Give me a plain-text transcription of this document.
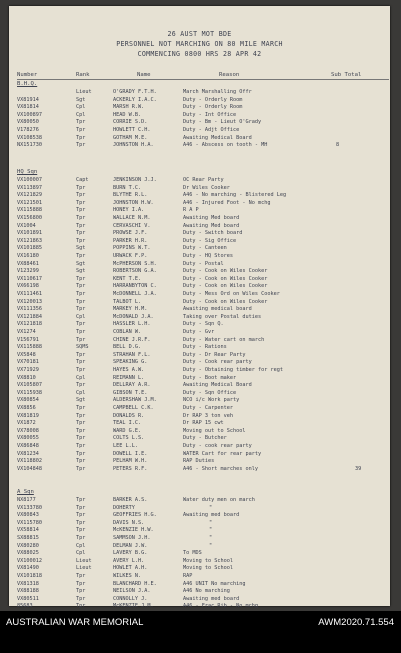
26 AUST MOT BDE
PERSONNEL NOT MARCHING ON 80 MILE MARCH
COMMENCING 0800 HRS 28 APR 42
Number	Rank	Name	Reason	Sub Total
B.H.Q.
Lieut	O'GRADY F.T.H.	March Marshalling Offr
VX81914	Sgt	ACKERLY I.A.C.	Duty - Orderly Room
VX81814	Cpl	MARSH R.W.	Duty - Orderly Room
VX100897	Cpl	HEAD W.B.	Duty - Int Office
VX80050	Tpr	CORRIE S.D.	Duty - Bm - Lieut O'Grady
V178276	Tpr	HOWLETT C.H.	Duty - Adjt Office
VX108538	Tpr	GOTHAM M.E.	Awaiting Medical Board
NX151730	Tpr	JOHNSTON H.A.	A46 - Abscess on tooth - MH	8
HQ Sqn
VX100007	Capt	JENKINSON J.J.	OC Rear Party
VX113897	Tpr	BURN T.C.	Dr Wiles Cooker
VX121829	Tpr	BLYTHE R.L.	A46 - No marching - Blistered Leg
VX121501	Tpr	JOHNSTON H.W.	A46 - Injured Foot - No mchg
VX115888	Tpr	HONEY I.A.	R A P
VX156800	Tpr	WALLACE N.M.	Awaiting Med board
VX1004	Tpr	CERVASCHI V.	Awaiting Med board
VX101891	Tpr	PROWSE J.F.	Duty - Switch board
VX121863	Tpr	PARKER H.R.	Duty - Sig Office
VX101885	Sgt	POPPINS W.T.	Duty - Canteen
VX16180	Tpr	URWACK F.P.	Duty - HQ Stores
VX88461	Sgt	McPHERSON S.H.	Duty - Postal
V123299	Sgt	ROBERTSON G.A.	Duty - Cook on Wiles Cooker
VX110617	Tpr	KENT T.E.	Duty - Cook on Wiles Cooker
VX66198	Tpr	HARRANBYTON C.	Duty - Cook on Wiles Cooker
VX111461	Tpr	McDONNELL J.A.	Duty - Mess Ord on Wiles Cooker
VX120013	Tpr	TALBOT L.	Duty - Cook on Wiles Cooker
VX111356	Tpr	MARKEY H.M.	Awaiting medical board
VX121884	Cpl	McDONALD J.A.	Taking over Postal duties
VX121818	Tpr	HASSLER L.H.	Duty - Sqn Q.
VX1274	Tpr	COBLAN W.	Duty - Gvr
V156791	Tpr	CHINE J.R.F.	Duty - Water cart on march
VX115888	SQMS	BELL D.G.	Duty - Rations
VX5848	Tpr	STRAHAN F.L.	Duty - Dr Rear Party
VX70181	Tpr	SPEAKING G.	Duty - Cook rear party
VX71929	Tpr	HAYES A.W.	Duty - Obtaining timber for regt
VX8810	Cpl	REIMANN L.	Duty - Boot maker
VX105807	Tpr	DELLRAY A.R.	Awaiting Medical Board
VX115938	Cpl	GIBSON T.E.	Duty - Sqn Office
VX80854	Sgt	ALDERSHAW J.M.	NCO i/c Work party
VX8856	Tpr	CAMPBELL C.K.	Duty - Carpenter
VX81819	Tpr	DONALDS R.	Dr RAP 3 ton veh
VX1872	Tpr	TEAL I.C.	Dr RAP 15 cwt
VX78008	Tpr	WARD G.E.	Moving out to School
VX80055	Tpr	COLTS L.S.	Duty - Butcher
VX86848	Tpr	LEE L.L.	Duty - cook rear party
VX81234	Tpr	DOWELL I.E.	WATER Cart for rear party
VX118802	Tpr	PELHAM W.H.	RAP Duties
VX104848	Tpr	PETERS R.F.	A46 - Short marches only	39
A Sqn
NX8177	Tpr	BARKER A.S.	Water duty men on march
VX133780	Tpr	DOHERTY	"
VX80843	Tpr	GEOFFRIES H.G.	Awaiting med board
VX115780	Tpr	DAVIS N.S.	"
VX58814	Tpr	McKENZIE H.W.	"
SX88815	Tpr	SAMMSON J.H.	"
VX80280	Cpl	DELMAN J.W.	"
VX88025	Cpl	LAVERY B.G.	To MDS
VX100012	Lieut	AVERY L.H.	Moving to School
VX81490	Lieut	HOWLET A.H.	Moving to School
VX101818	Tpr	WILKES N.	RAP
VX81318	Tpr	BLANCHARD H.E.	A46 UNIT No marching
VX88188	Tpr	NEILSON J.A.	A46 No marching
VX80511	Tpr	CONNOLLY J.	Awaiting med board
85683	Tpr	McKENZIE J.M.	A46 - Frac Rib - No mchg
AUSTRALIAN WAR MEMORIAL	AWM2020.71.554
